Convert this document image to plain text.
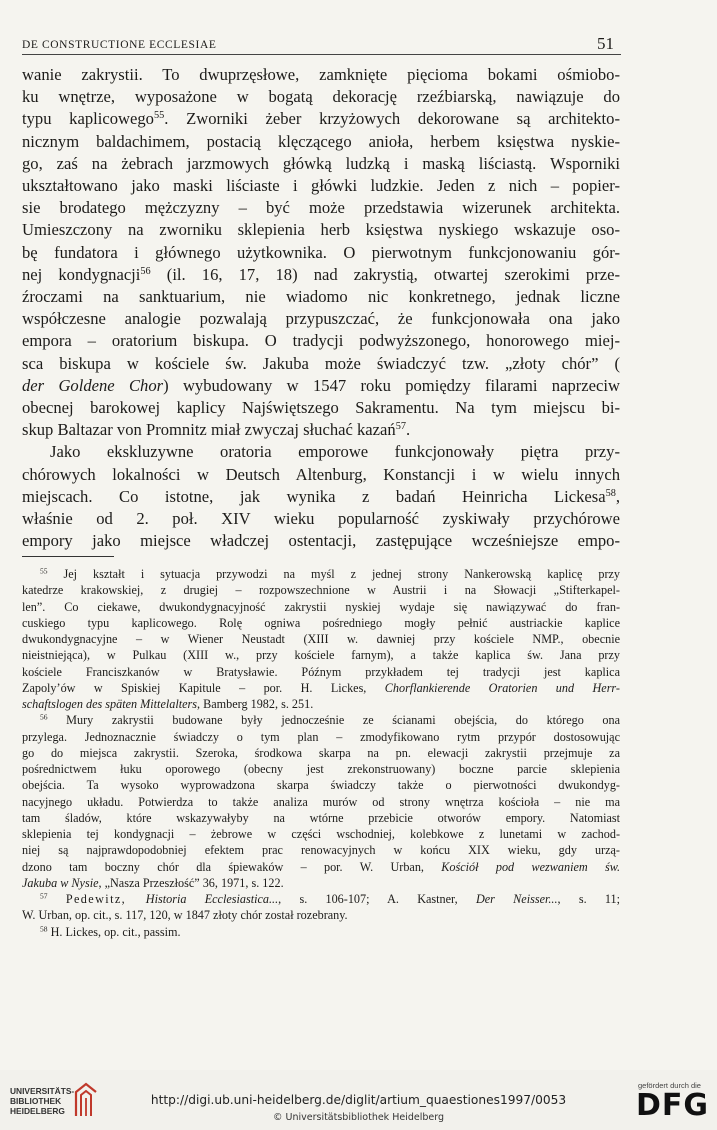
DE CONSTRUCTIONE ECCLESIAE	51

wanie zakrystii. To dwuprzęsłowe, zamknięte pięcioma bokami ośmiobo-
ku wnętrze, wyposażone w bogatą dekorację rzeźbiarską, nawiązuje do
typu kaplicowego$^{55}$. Zworniki żeber krzyżowych dekorowane są architekto-
nicznym baldachimem, postacią klęczącego anioła, herbem księstwa nyskie-
go, zaś na żebrach jarzmowych główką ludzką i maską liściastą. Wsporniki
ukształtowano jako maski liściaste i główki ludzkie. Jeden z nich – popier-
sie brodatego mężczyzny – być może przedstawia wizerunek architekta.
Umieszczony na zworniku sklepienia herb księstwa nyskiego wskazuje oso-
bę fundatora i głównego użytkownika. O pierwotnym funkcjonowaniu gór-
nej kondygnacji$^{56}$ (il. 16, 17, 18) nad zakrystią, otwartej szerokimi prze-
źroczami na sanktuarium, nie wiadomo nic konkretnego, jednak liczne
współczesne analogie pozwalają przypuszczać, że funkcjonowała ona jako
empora – oratorium biskupa. O tradycji podwyższonego, honorowego miej-
sca biskupa w kościele św. Jakuba może świadczyć tzw. „złoty chór” (
der Goldene Chor) wybudowany w 1547 roku pomiędzy filarami naprzeciw
obecnej barokowej kaplicy Najświętszego Sakramentu. Na tym miejscu bi-
skup Baltazar von Promnitz miał zwyczaj słuchać kazań$^{57}$.

Jako ekskluzywne oratoria emporowe funkcjonowały piętra przy-
chórowych lokalności w Deutsch Altenburg, Konstancji i w wielu innych
miejscach. Co istotne, jak wynika z badań Heinricha Lickesa$^{58}$,
właśnie od 2. poł. XIV wieku popularność zyskiwały przychórowe
empory jako miejsce władczej ostentacji, zastępujące wcześniejsze empo-

$^{55}$ Jej kształt i sytuacja przywodzi na myśl z jednej strony Nankerowską kaplicę przy
katedrze krakowskiej, z drugiej – rozpowszechnione w Austrii i na Słowacji „Stifterkapel-
len”. Co ciekawe, dwukondygnacyjność zakrystii nyskiej wydaje się nawiązywać do fran-
cuskiego typu kaplicowego. Rolę ogniwa pośredniego mogły pełnić austriackie kaplice
dwukondygnacyjne – w Wiener Neustadt (XIII w. dawniej przy kościele NMP., obecnie
nieistniejąca), w Pulkau (XIII w., przy kościele farnym), a także kaplica św. Jana przy
kościele Franciszkanów w Bratysławie. Późnym przykładem tej tradycji jest kaplica
Zapoly’ów w Spiskiej Kapitule – por. H. Lickes, Chorflankierende Oratorien und Herr-
schaftslogen des späten Mittelalters, Bamberg 1982, s. 251.
$^{56}$ Mury zakrystii budowane były jednocześnie ze ścianami obejścia, do którego ona
przylega. Jednoznacznie świadczy o tym plan – zmodyfikowano rytm przypór dostosowując
go do miejsca zakrystii. Szeroka, środkowa skarpa na pn. elewacji zakrystii przejmuje za
pośrednictwem łuku oporowego (obecny jest zrekonstruowany) boczne parcie sklepienia
obejścia. Ta wysoko wyprowadzona skarpa świadczy także o pierwotności dwukondyg-
nacyjnego układu. Potwierdza to także analiza murów od strony wnętrza kościoła – nie ma
tam śladów, które wskazywałyby na wtórne przebicie otworów empory. Natomiast
sklepienia tej kondygnacji – żebrowe w części wschodniej, kolebkowe z lunetami w zachod-
niej są najprawdopodobniej efektem prac renowacyjnych w końcu XIX wieku, gdy urzą-
dzono tam boczny chór dla śpiewaków – por. W. Urban, Kościół pod wezwaniem św.
Jakuba w Nysie, „Nasza Przeszłość” 36, 1971, s. 122.
$^{57}$ Pedewitz, Historia Ecclesiastica..., s. 106-107; A. Kastner, Der Neisser..., s. 11;
W. Urban, op. cit., s. 117, 120, w 1847 złoty chór został rozebrany.
$^{58}$ H. Lickes, op. cit., passim.
UNIVERSITÄTS-
BIBLIOTHEK
HEIDELBERG
http://digi.ub.uni-heidelberg.de/diglit/artium_quaestiones1997/0053
© Universitätsbibliothek Heidelberg
gefördert durch die
DFG
